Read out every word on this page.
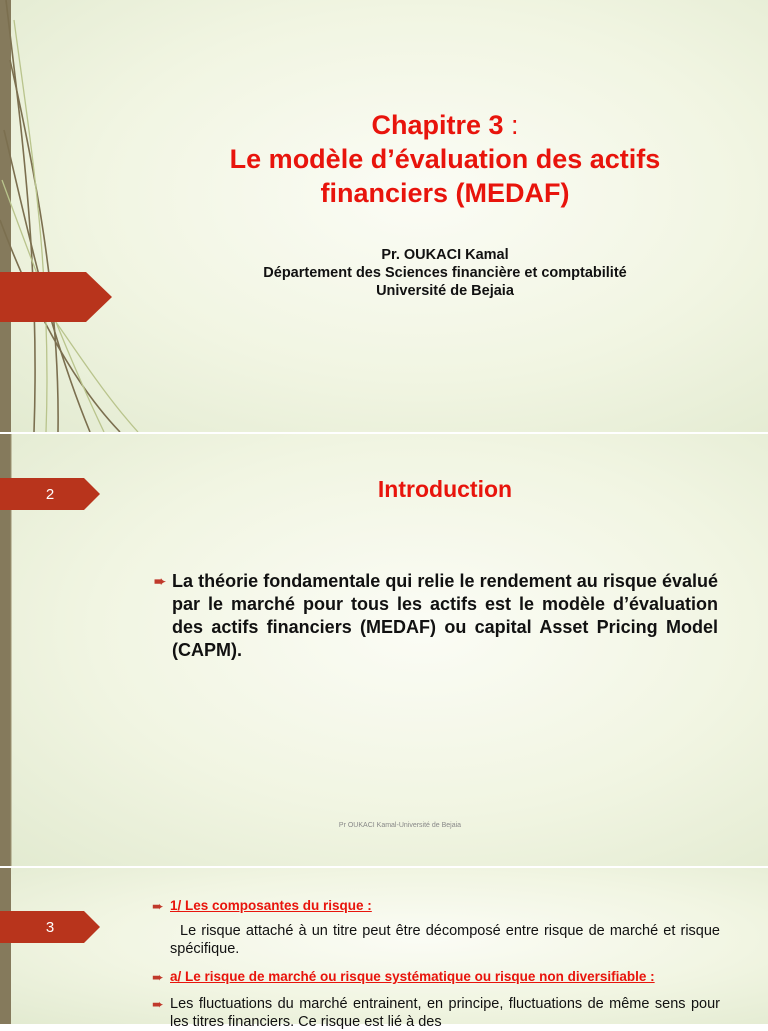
Chapitre 3 :
Le modèle d’évaluation des actifs
financiers (MEDAF)
Pr. OUKACI Kamal
Département des Sciences financière et comptabilité
Université de Bejaia
2	Introduction
➨ La théorie fondamentale qui relie le rendement au risque évalué par le marché pour tous les actifs est le modèle d’évaluation des actifs financiers (MEDAF) ou capital Asset Pricing Model (CAPM).
Pr OUKACI Kamal-Université de Bejaia
3
➨ 1/ Les composantes du risque :
Le risque attaché à un titre peut être décomposé entre risque de marché et risque spécifique.
➨ a/ Le risque de marché ou risque systématique ou risque non diversifiable :
➨ Les fluctuations du marché entrainent, en principe, fluctuations de même sens pour les titres financiers. Ce risque est lié à des
